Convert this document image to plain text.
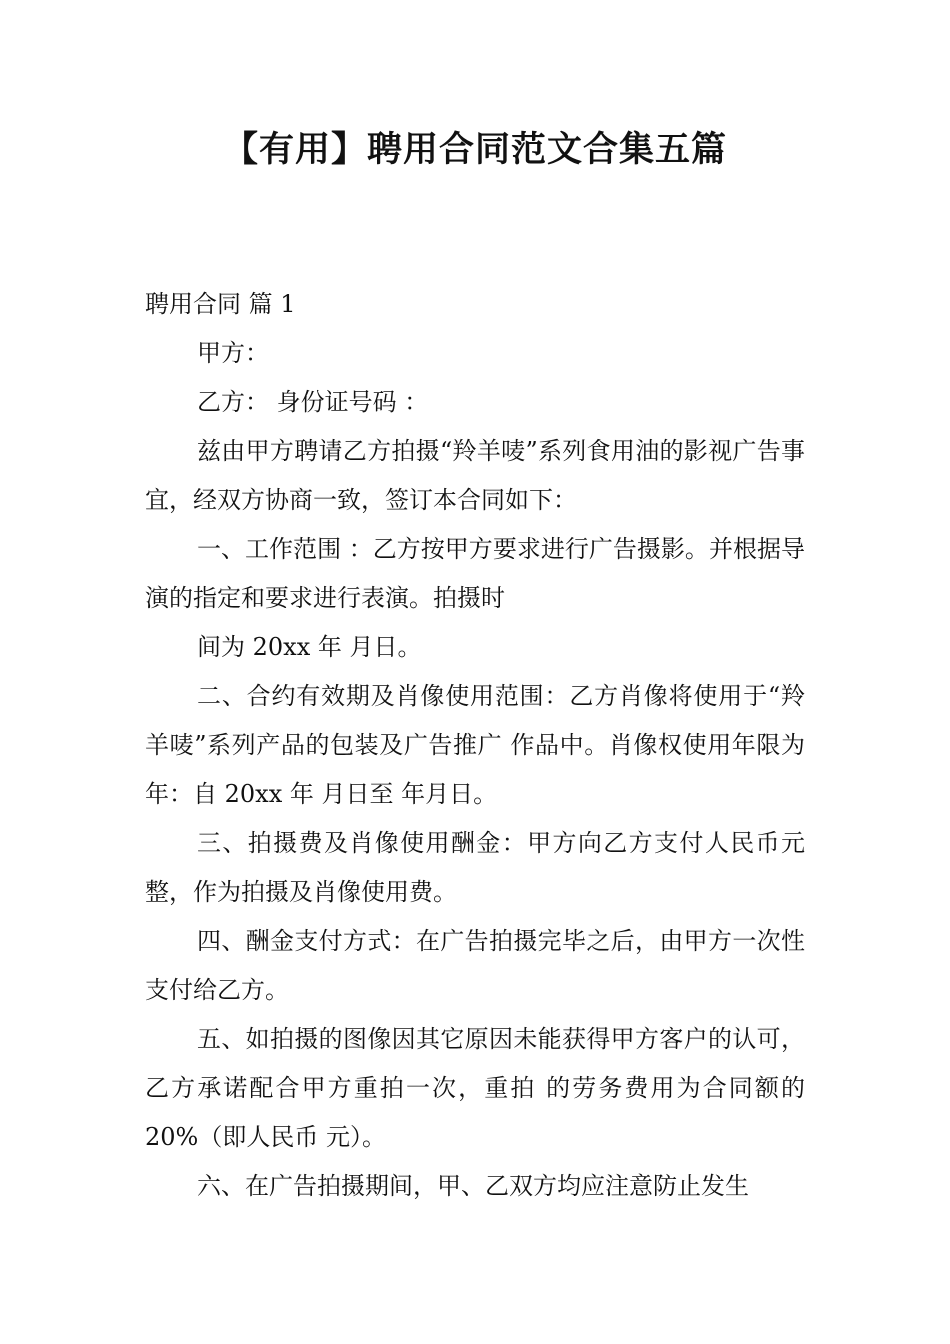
【有用】聘用合同范文合集五篇

聘用合同 篇 1

甲方：

乙方： 身份证号码 ：

兹由甲方聘请乙方拍摄“羚羊唛”系列食用油的影视广告事宜，经双方协商一致，签订本合同如下：

一、工作范围 ：乙方按甲方要求进行广告摄影。并根据导演的指定和要求进行表演。拍摄时

间为 20xx 年 月日。

二、合约有效期及肖像使用范围：乙方肖像将使用于“羚羊唛”系列产品的包装及广告推广 作品中。肖像权使用年限为年：自 20xx 年 月日至 年月日。

三、拍摄费及肖像使用酬金：甲方向乙方支付人民币元整，作为拍摄及肖像使用费。

四、酬金支付方式：在广告拍摄完毕之后，由甲方一次性支付给乙方。

五、如拍摄的图像因其它原因未能获得甲方客户的认可，乙方承诺配合甲方重拍一次，重拍 的劳务费用为合同额的 20%（即人民币 元）。

六、在广告拍摄期间，甲、乙双方均应注意防止发生
